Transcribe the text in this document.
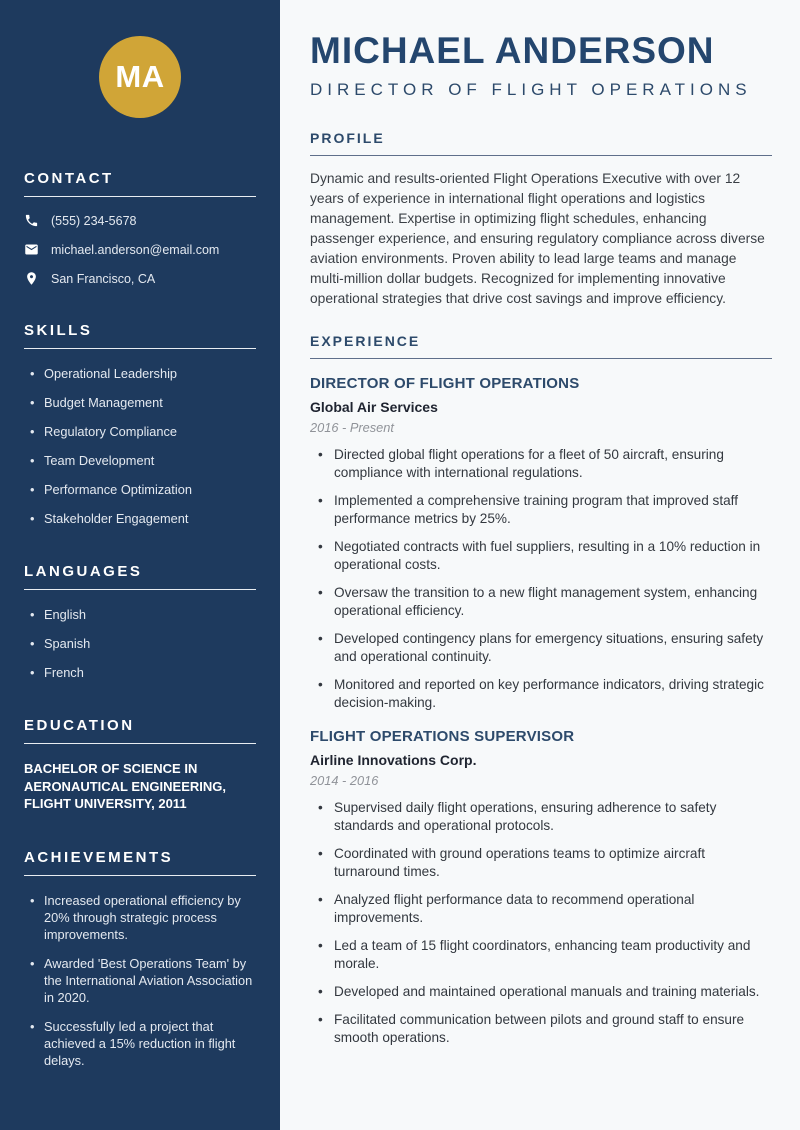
MA
CONTACT
(555) 234-5678
michael.anderson@email.com
San Francisco, CA
SKILLS
• Operational Leadership
• Budget Management
• Regulatory Compliance
• Team Development
• Performance Optimization
• Stakeholder Engagement
LANGUAGES
• English
• Spanish
• French
EDUCATION
BACHELOR OF SCIENCE IN AERONAUTICAL ENGINEERING, FLIGHT UNIVERSITY, 2011
ACHIEVEMENTS
• Increased operational efficiency by 20% through strategic process improvements.
• Awarded 'Best Operations Team' by the International Aviation Association in 2020.
• Successfully led a project that achieved a 15% reduction in flight delays.
MICHAEL ANDERSON
DIRECTOR OF FLIGHT OPERATIONS
PROFILE

Dynamic and results-oriented Flight Operations Executive with over 12 years of experience in international flight operations and logistics management. Expertise in optimizing flight schedules, enhancing passenger experience, and ensuring regulatory compliance across diverse aviation environments. Proven ability to lead large teams and manage multi-million dollar budgets. Recognized for implementing innovative operational strategies that drive cost savings and improve efficiency.

EXPERIENCE
DIRECTOR OF FLIGHT OPERATIONS
Global Air Services
2016 - Present
• Directed global flight operations for a fleet of 50 aircraft, ensuring compliance with international regulations.
• Implemented a comprehensive training program that improved staff performance metrics by 25%.
• Negotiated contracts with fuel suppliers, resulting in a 10% reduction in operational costs.
• Oversaw the transition to a new flight management system, enhancing operational efficiency.
• Developed contingency plans for emergency situations, ensuring safety and operational continuity.
• Monitored and reported on key performance indicators, driving strategic decision-making.
FLIGHT OPERATIONS SUPERVISOR
Airline Innovations Corp.
2014 - 2016
• Supervised daily flight operations, ensuring adherence to safety standards and operational protocols.
• Coordinated with ground operations teams to optimize aircraft turnaround times.
• Analyzed flight performance data to recommend operational improvements.
• Led a team of 15 flight coordinators, enhancing team productivity and morale.
• Developed and maintained operational manuals and training materials.
• Facilitated communication between pilots and ground staff to ensure smooth operations.
